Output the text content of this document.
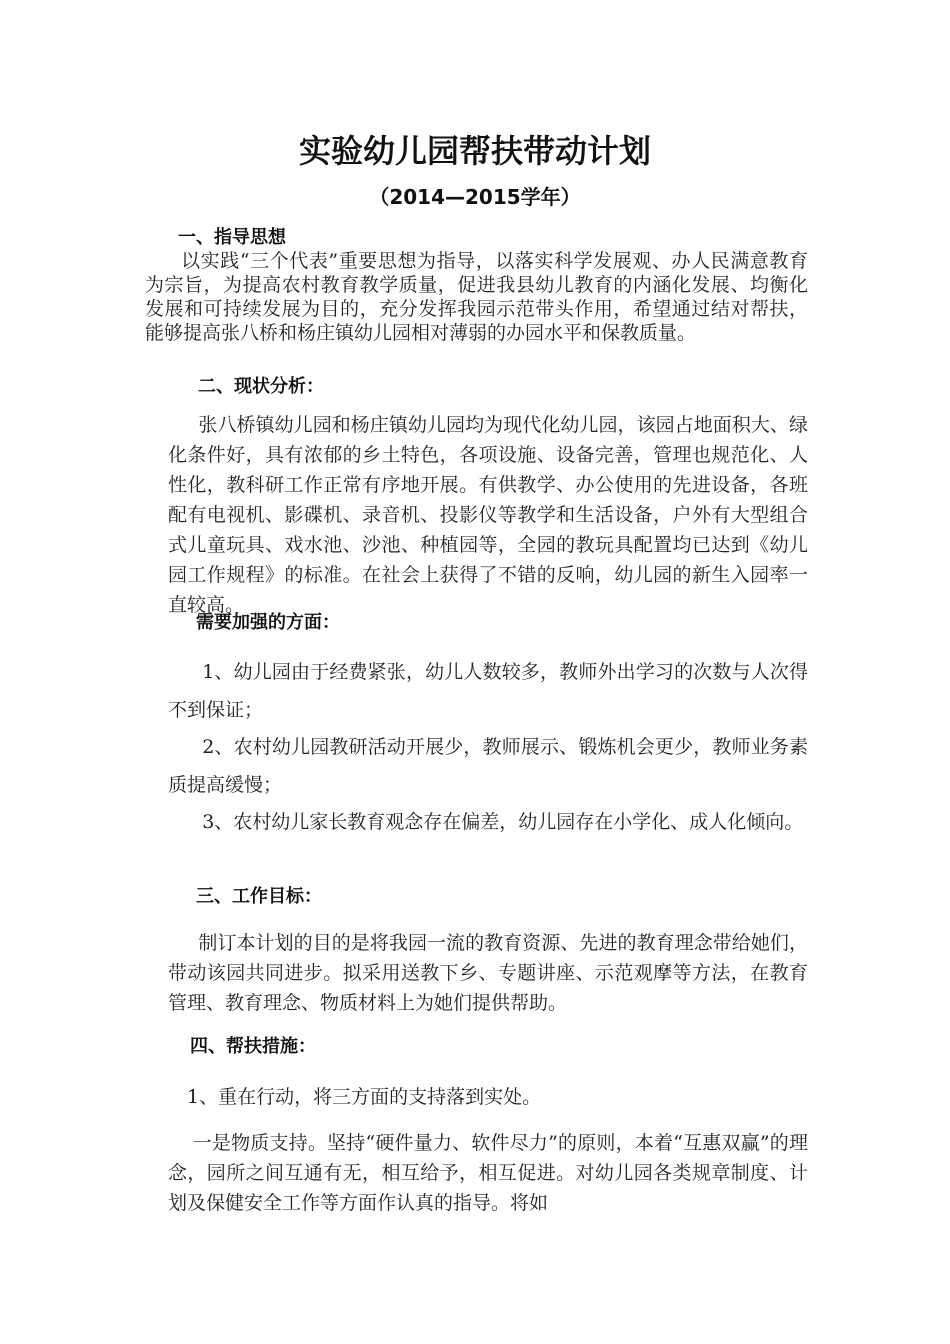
实验幼儿园帮扶带动计划
（2014—2015学年）
一、指导思想
以实践“三个代表”重要思想为指导，以落实科学发展观、办人民满意教育为宗旨，为提高农村教育教学质量，促进我县幼儿教育的内涵化发展、均衡化发展和可持续发展为目的，充分发挥我园示范带头作用，希望通过结对帮扶，能够提高张八桥和杨庄镇幼儿园相对薄弱的办园水平和保教质量。
二、现状分析：
张八桥镇幼儿园和杨庄镇幼儿园均为现代化幼儿园，该园占地面积大、绿化条件好，具有浓郁的乡土特色，各项设施、设备完善，管理也规范化、人性化，教科研工作正常有序地开展。有供教学、办公使用的先进设备，各班配有电视机、影碟机、录音机、投影仪等教学和生活设备，户外有大型组合式儿童玩具、戏水池、沙池、种植园等，全园的教玩具配置均已达到《幼儿园工作规程》的标准。在社会上获得了不错的反响，幼儿园的新生入园率一直较高。
需要加强的方面：
1、幼儿园由于经费紧张，幼儿人数较多，教师外出学习的次数与人次得不到保证；
2、农村幼儿园教研活动开展少，教师展示、锻炼机会更少，教师业务素质提高缓慢；
3、农村幼儿家长教育观念存在偏差，幼儿园存在小学化、成人化倾向。
三、工作目标：
制订本计划的目的是将我园一流的教育资源、先进的教育理念带给她们，带动该园共同进步。拟采用送教下乡、专题讲座、示范观摩等方法，在教育管理、教育理念、物质材料上为她们提供帮助。
四、帮扶措施：
1、重在行动，将三方面的支持落到实处。
一是物质支持。坚持“硬件量力、软件尽力”的原则，本着“互惠双赢”的理念，园所之间互通有无，相互给予，相互促进。对幼儿园各类规章制度、计划及保健安全工作等方面作认真的指导。将如
